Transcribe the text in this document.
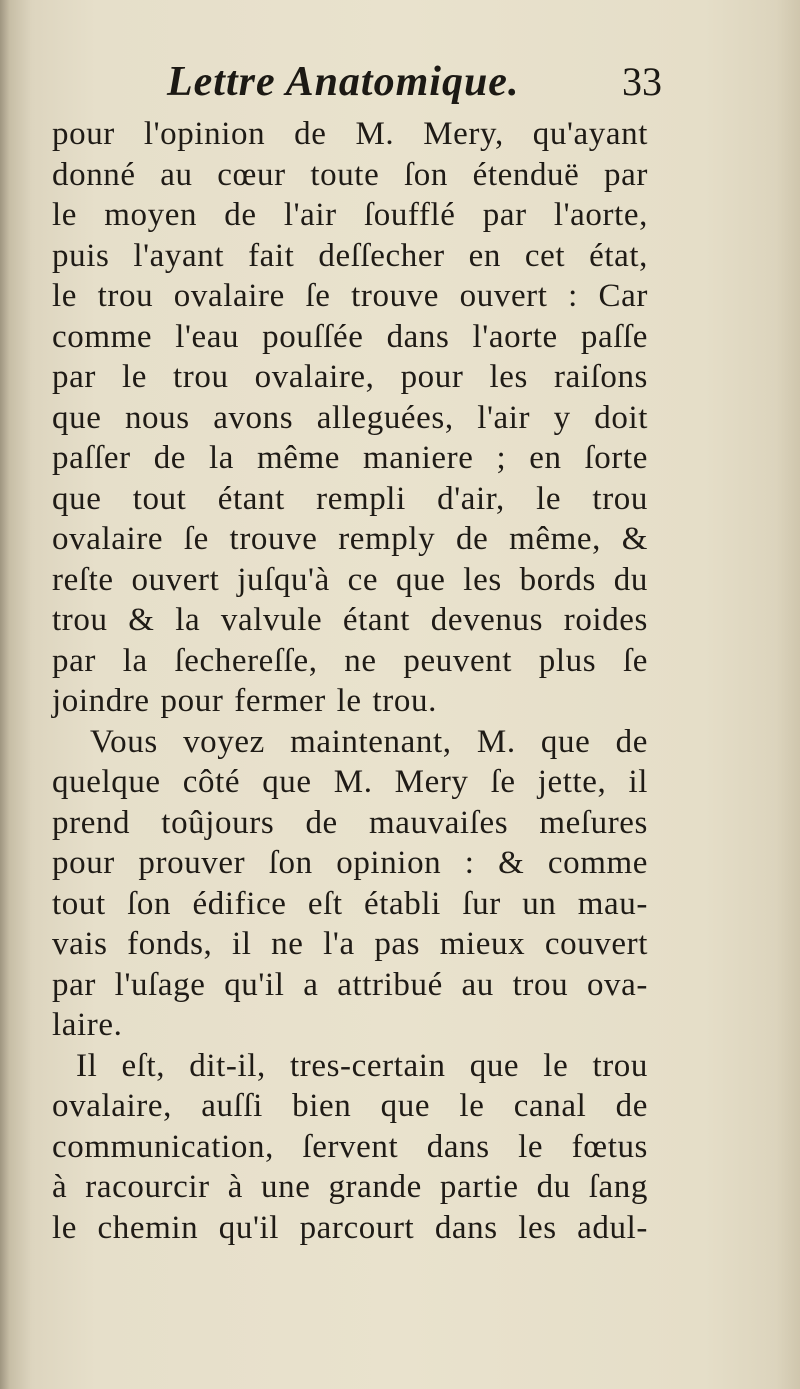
Lettre Anatomique.	33
pour l'opinion de M. Mery, qu'ayant
donné au cœur toute ſon étenduë par
le moyen de l'air ſoufflé par l'aorte,
puis l'ayant fait deſſecher en cet état,
le trou ovalaire ſe trouve ouvert : Car
comme l'eau pouſſée dans l'aorte paſſe
par le trou ovalaire, pour les raiſons
que nous avons alleguées, l'air y doit
paſſer de la même maniere ; en ſorte
que tout étant rempli d'air, le trou
ovalaire ſe trouve remply de même, &
reſte ouvert juſqu'à ce que les bords du
trou & la valvule étant devenus roides
par la ſechereſſe, ne peuvent plus ſe
joindre pour fermer le trou.
Vous voyez maintenant, M. que de
quelque côté que M. Mery ſe jette, il
prend toûjours de mauvaiſes meſures
pour prouver ſon opinion : & comme
tout ſon édifice eſt établi ſur un mau-
vais fonds, il ne l'a pas mieux couvert
par l'uſage qu'il a attribué au trou ova-
laire.
Il eſt, dit-il, tres-certain que le trou
ovalaire, auſſi bien que le canal de
communication, ſervent dans le fœtus
à racourcir à une grande partie du ſang
le chemin qu'il parcourt dans les adul-
